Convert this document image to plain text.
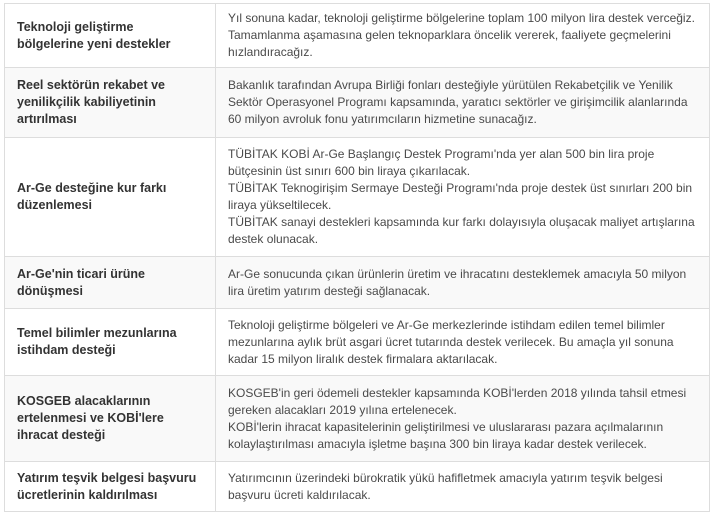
Teknoloji geliştirme bölgelerine yeni destekler	Yıl sonuna kadar, teknoloji geliştirme bölgelerine toplam 100 milyon lira destek verceğiz. Tamamlanma aşamasına gelen teknoparklara öncelik vererek, faaliyete geçmelerini hızlandıracağız.

Reel sektörün rekabet ve yenilikçilik kabiliyetinin artırılması	Bakanlık tarafından Avrupa Birliği fonları desteğiyle yürütülen Rekabetçilik ve Yenilik Sektör Operasyonel Programı kapsamında, yaratıcı sektörler ve girişimcilik alanlarında 60 milyon avroluk fonu yatırımcıların hizmetine sunacağız.

Ar-Ge desteğine kur farkı düzenlemesi	TÜBİTAK KOBİ Ar-Ge Başlangıç Destek Programı'nda yer alan 500 bin lira proje bütçesinin üst sınırı 600 bin liraya çıkarılacak.
TÜBİTAK Teknogirişim Sermaye Desteği Programı'nda proje destek üst sınırları 200 bin liraya yükseltilecek.
TÜBİTAK sanayi destekleri kapsamında kur farkı dolayısıyla oluşacak maliyet artışlarına destek olunacak.

Ar-Ge'nin ticari ürüne dönüşmesi	Ar-Ge sonucunda çıkan ürünlerin üretim ve ihracatını desteklemek amacıyla 50 milyon lira üretim yatırım desteği sağlanacak.

Temel bilimler mezunlarına istihdam desteği	Teknoloji geliştirme bölgeleri ve Ar-Ge merkezlerinde istihdam edilen temel bilimler mezunlarına aylık brüt asgari ücret tutarında destek verilecek. Bu amaçla yıl sonuna kadar 15 milyon liralık destek firmalara aktarılacak.

KOSGEB alacaklarının ertelenmesi ve KOBİ'lere ihracat desteği	KOSGEB'in geri ödemeli destekler kapsamında KOBİ'lerden 2018 yılında tahsil etmesi gereken alacakları 2019 yılına ertelenecek.
KOBİ'lerin ihracat kapasitelerinin geliştirilmesi ve uluslararası pazara açılmalarının kolaylaştırılması amacıyla işletme başına 300 bin liraya kadar destek verilecek.

Yatırım teşvik belgesi başvuru ücretlerinin kaldırılması	Yatırımcının üzerindeki bürokratik yükü hafifletmek amacıyla yatırım teşvik belgesi başvuru ücreti kaldırılacak.
